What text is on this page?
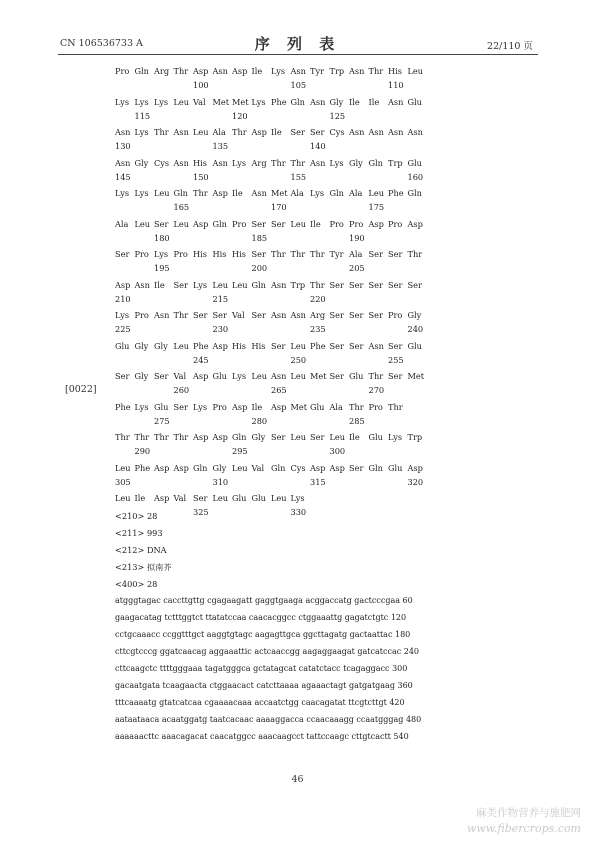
CN 106536733 A	序 列 表	22/110 页
[0022]
Pro Gln Arg Thr Asp Asn Asp Ile Lys Asn Tyr Trp Asn Thr His Leu
100	105	110
Lys Lys Lys Leu Val Met Met Lys Phe Gln Asn Gly Ile Ile Asn Glu
115	120	125
Asn Lys Thr Asn Leu Ala Thr Asp Ile Ser Ser Cys Asn Asn Asn Asn
130	135	140
Asn Gly Cys Asn His Asn Lys Arg Thr Thr Asn Lys Gly Gln Trp Glu
145	150	155	160
Lys Lys Leu Gln Thr Asp Ile Asn Met Ala Lys Gln Ala Leu Phe Gln
165	170	175
Ala Leu Ser Leu Asp Gln Pro Ser Ser Leu Ile Pro Pro Asp Pro Asp
180	185	190
Ser Pro Lys Pro His His His Ser Thr Thr Thr Tyr Ala Ser Ser Thr
195	200	205
Asp Asn Ile Ser Lys Leu Leu Gln Asn Trp Thr Ser Ser Ser Ser Ser
210	215	220
Lys Pro Asn Thr Ser Ser Val Ser Asn Asn Arg Ser Ser Ser Pro Gly
225	230	235	240
Glu Gly Gly Leu Phe Asp His His Ser Leu Phe Ser Ser Asn Ser Glu
245	250	255
Ser Gly Ser Val Asp Glu Lys Leu Asn Leu Met Ser Glu Thr Ser Met
260	265	270
Phe Lys Glu Ser Lys Pro Asp Ile Asp Met Glu Ala Thr Pro Thr
275	280	285
Thr Thr Thr Thr Asp Asp Gln Gly Ser Leu Ser Leu Ile Glu Lys Trp
290	295	300
Leu Phe Asp Asp Gln Gly Leu Val Gln Cys Asp Asp Ser Gln Glu Asp
305	310	315	320
Leu Ile Asp Val Ser Leu Glu Glu Leu Lys
325	330
<210> 28
<211> 993
<212> DNA
<213> 拟南芥
<400> 28
atgggtagac caccttgttg cgagaagatt gaggtgaaga acggaccatg gactcccgaa 60
gaagacatag tctttggtct ttatatccaa caacacggcc ctggaaattg gagatctgtc 120
cctgcaaacc ccggtttgct aaggtgtagc aagagttgca ggcttagatg gactaattac 180
cttcgtcccg ggatcaacag aggaaattic actcaaccgg aagaggaagat gatcatccac 240
cttcaagctc ttttgggaaa tagatgggca gctatagcat catatctacc tcagaggacc 300
gacaatgata tcaagaacta ctggaacact catcttaaaa agaaactagt gatgatgaag 360
tttcaaaatg gtatcatcaa cgaaaacaaa accaatctgg caacagatat ttcgtcttgt 420
aataataaca acaatggatg taatcacaac aaaaggacca ccaacaaagg ccaatgggag 480
aaaaaacttc aaacagacat caacatggcc aaacaagcct tattccaagc cttgtcactt 540
46
麻类作物营养与施肥网
www.fibercrops.com
